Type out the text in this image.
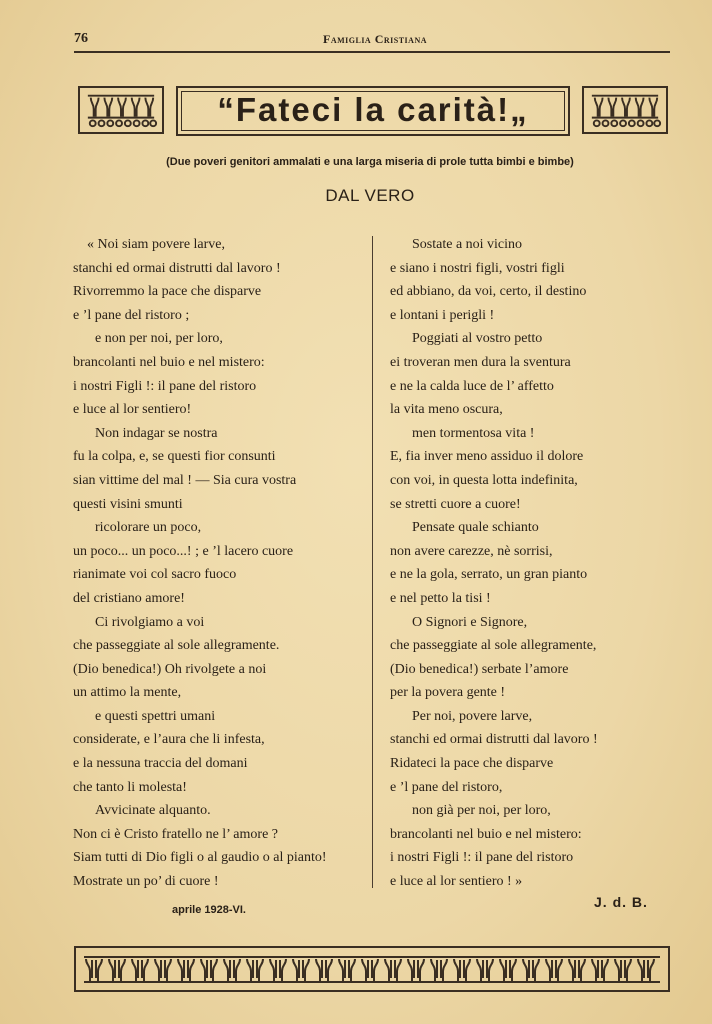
76	Famiglia Cristiana
“Fateci la carità!„
(Due poveri genitori ammalati e una larga miseria di prole tutta bimbi e bimbe)
DAL VERO
« Noi siam povere larve,
stanchi ed ormai distrutti dal lavoro !
Rivorremmo la pace che disparve
e ’l pane del ristoro ;
e non per noi, per loro,
brancolanti nel buio e nel mistero:
i nostri Figli !: il pane del ristoro
e luce al lor sentiero!
Non indagar se nostra
fu la colpa, e, se questi fior consunti
sian vittime del mal ! — Sia cura vostra
questi visini smunti
ricolorare un poco,
un poco... un poco...! ; e ’l lacero cuore
rianimate voi col sacro fuoco
del cristiano amore!
Ci rivolgiamo a voi
che passeggiate al sole allegramente.
(Dio benedica!) Oh rivolgete a noi
un attimo la mente,
e questi spettri umani
considerate, e l’aura che li infesta,
e la nessuna traccia del domani
che tanto li molesta!
Avvicinate alquanto.
Non ci è Cristo fratello ne l’ amore ?
Siam tutti di Dio figli o al gaudio o al pianto!
Mostrate un po’ di cuore !
Sostate a noi vicino
e siano i nostri figli, vostri figli
ed abbiano, da voi, certo, il destino
e lontani i perigli !
Poggiati al vostro petto
ei troveran men dura la sventura
e ne la calda luce de l’ affetto
la vita meno oscura,
men tormentosa vita !
E, fia inver meno assiduo il dolore
con voi, in questa lotta indefinita,
se stretti cuore a cuore!
Pensate quale schianto
non avere carezze, nè sorrisi,
e ne la gola, serrato, un gran pianto
e nel petto la tisi !
O Signori e Signore,
che passeggiate al sole allegramente,
(Dio benedica!) serbate l’amore
per la povera gente !
Per noi, povere larve,
stanchi ed ormai distrutti dal lavoro !
Ridateci la pace che disparve
e ’l pane del ristoro,
non già per noi, per loro,
brancolanti nel buio e nel mistero:
i nostri Figli !: il pane del ristoro
e luce al lor sentiero ! »
aprile 1928-VI.	J. d. B.
